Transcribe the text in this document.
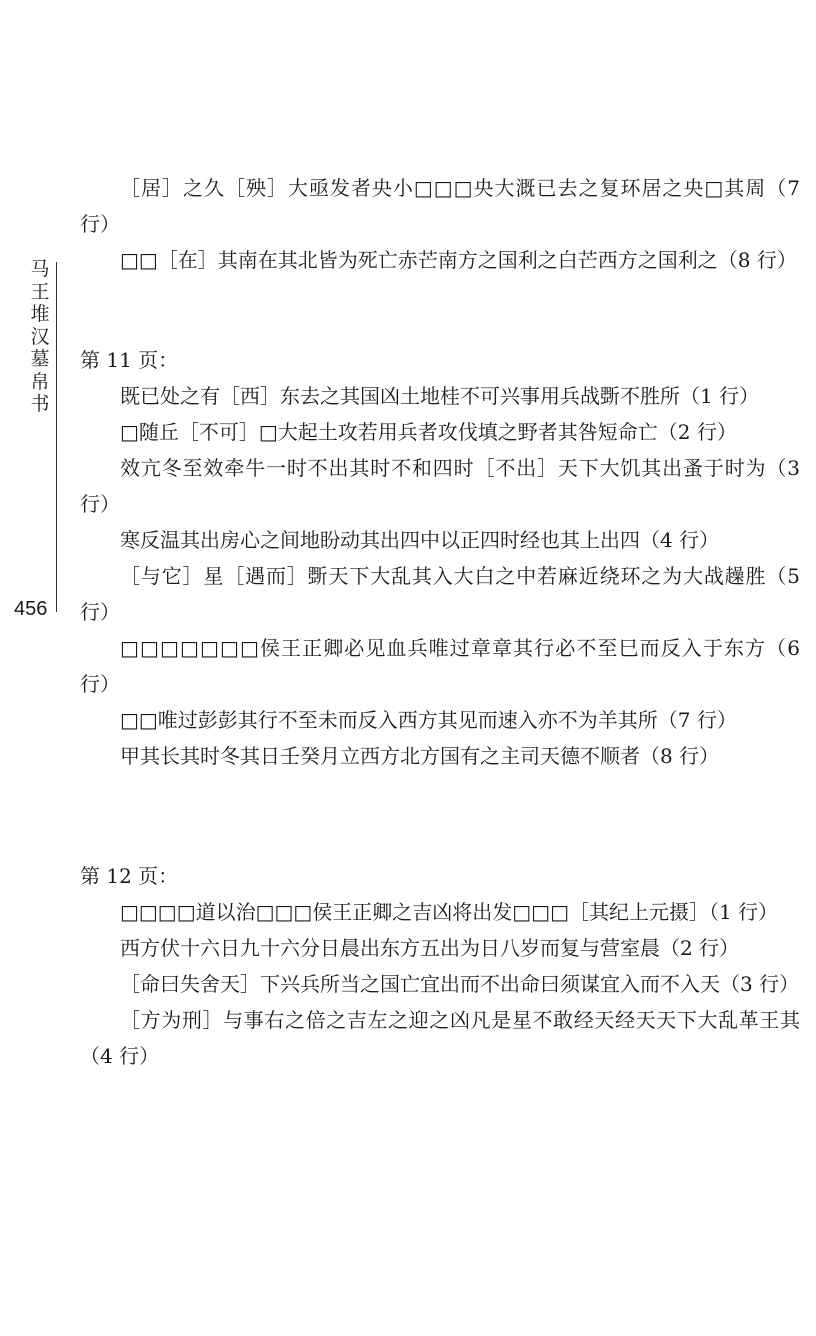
马王堆汉墓帛书
456

［居］之久［殃］大亟发者央小□□□央大溉已去之复环居之央□其周（7 行）

□□［在］其南在其北皆为死亡赤芒南方之国利之白芒西方之国利之（8 行）

第 11 页：

既已处之有［西］东去之其国凶土地桂不可兴事用兵战斲不胜所（1 行）

□随丘［不可］□大起土攻若用兵者攻伐填之野者其咎短命亡（2 行）

效亢冬至效牵牛一时不出其时不和四时［不出］天下大饥其出蚤于时为（3 行）

寒反温其出房心之间地盼动其出四中以正四时经也其上出四（4 行）

［与它］星［遇而］斲天下大乱其入大白之中若麻近绕环之为大战趮胜（5 行）

□□□□□□□侯王正卿必见血兵唯过章章其行必不至巳而反入于东方（6 行）

□□唯过彭彭其行不至未而反入西方其见而速入亦不为羊其所（7 行）

甲其长其时冬其日壬癸月立西方北方国有之主司天德不顺者（8 行）

第 12 页：

□□□□道以治□□□侯王正卿之吉凶将出发□□□［其纪上元摄］（1 行）

西方伏十六日九十六分日晨出东方五出为日八岁而复与营室晨（2 行）

［命曰失舍天］下兴兵所当之国亡宜出而不出命曰须谋宜入而不入天（3 行）

［方为刑］与事右之倍之吉左之迎之凶凡是星不敢经天经天天下大乱革王其（4 行）
